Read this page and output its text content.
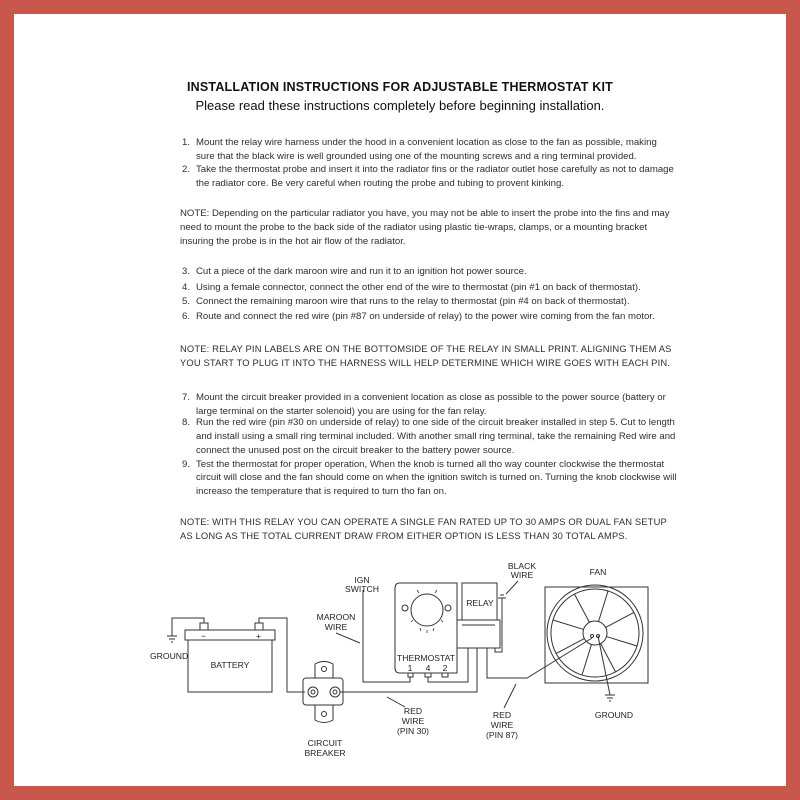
INSTALLATION INSTRUCTIONS FOR ADJUSTABLE THERMOSTAT KIT
Please read these instructions completely before beginning installation.
1. Mount the relay wire harness under the hood in a convenient location as close to the fan as possible, making
sure that the black wire is well grounded using one of the mounting screws and a ring terminal provided.
2. Take the thermostat probe and insert it into the radiator fins or the radiator outlet hose carefully as not to damage
the radiator core. Be very careful when routing the probe and tubing to provent kinking.
NOTE: Depending on the particular radiator you have, you may not be able to insert the probe into the fins and may
need to mount the probe to the back side of the radiator using plastic tie-wraps, clamps, or a mounting bracket
insuring the probe is in the hot air flow of the radiator.
3. Cut a piece of the dark maroon wire and run it to an ignition hot power source.
4. Using a female connector, connect the other end of the wire to thermostat (pin #1 on back of thermostat).
5. Connect the remaining maroon wire that runs to the relay to thermostat (pin #4 on back of thermostat).
6. Route and connect the red wire (pin #87 on underside of relay) to the power wire coming from the fan motor.
NOTE: RELAY PIN LABELS ARE ON THE BOTTOMSIDE OF THE RELAY IN SMALL PRINT. ALIGNING THEM AS
YOU START TO PLUG IT INTO THE HARNESS WILL HELP DETERMINE WHICH WIRE GOES WITH EACH PIN.
7. Mount the circuit breaker provided in a convenient location as close as possible to the power source (battery or
large terminal on the starter solenoid) you are using for the fan relay.
8. Run the red wire (pin #30 on underside of relay) to one side of the circuit breaker installed in step 5. Cut to length
and install using a small ring terminal included. With another small ring terminal, take the remaining Red wire and
connect the unused post on the circuit breaker to the battery power source.
9. Test the thermostat for proper operation, When the knob is turned all tho way counter clockwise the thermostat
circuit will close and the fan should come on when the ignition switch is turned on. Turning the knob clockwise will
increaso the temperature that is required to turn tho fan on.
NOTE: WITH THIS RELAY YOU CAN OPERATE A SINGLE FAN RATED UP TO 30 AMPS OR DUAL FAN SETUP
AS LONG AS THE TOTAL CURRENT DRAW FROM EITHER OPTION IS LESS THAN 30 TOTAL AMPS.
BATTERY
−	+
GROUND
CIRCUIT
BREAKER
THERMOSTAT
1 4 2
IGN
SWITCH
MAROON
WIRE
RELAY
BLACK
WIRE	FAN
GROUND
RED
WIRE
(PIN 30)
RED
WIRE
(PIN 87)
